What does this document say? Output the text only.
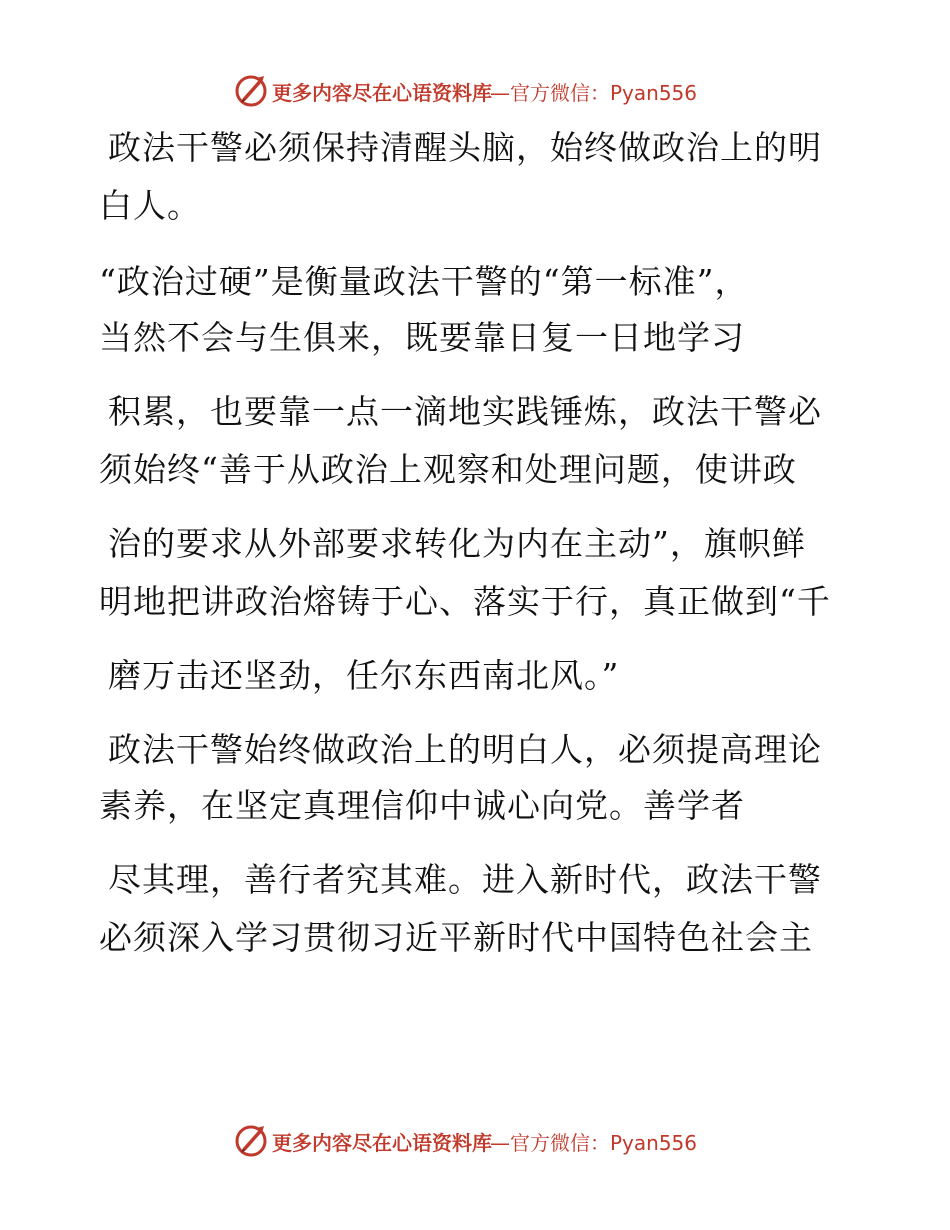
更多内容尽在心语资料库
—官方微信：Pyan556
政法干警必须保持清醒头脑，始终做政治上的明
白人。
“政治过硬”是衡量政法干警的“第一标准”，
当然不会与生俱来，既要靠日复一日地学习
积累，也要靠一点一滴地实践锤炼，政法干警必
须始终“善于从政治上观察和处理问题，使讲政
治的要求从外部要求转化为内在主动”，旗帜鲜
明地把讲政治熔铸于心、落实于行，真正做到“千
磨万击还坚劲，任尔东西南北风。”
政法干警始终做政治上的明白人，必须提高理论
素养，在坚定真理信仰中诚心向党。善学者
尽其理，善行者究其难。进入新时代，政法干警
必须深入学习贯彻习近平新时代中国特色社会主
更多内容尽在心语资料库
—官方微信：Pyan556
